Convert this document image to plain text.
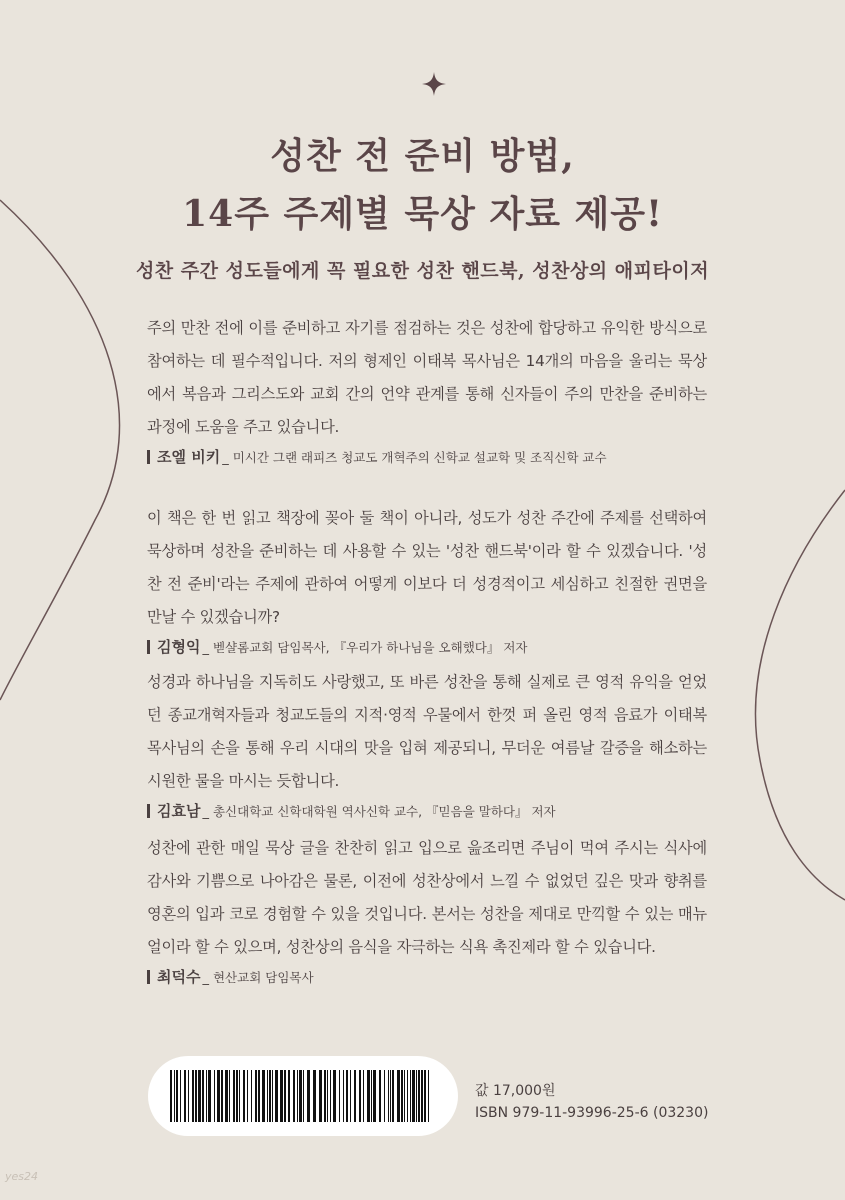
성찬 전 준비 방법,
14주 주제별 묵상 자료 제공!
성찬 주간 성도들에게 꼭 필요한 성찬 핸드북, 성찬상의 애피타이저

주의 만찬 전에 이를 준비하고 자기를 점검하는 것은 성찬에 합당하고 유익한 방식으로 참여하는 데 필수적입니다. 저의 형제인 이태복 목사님은 14개의 마음을 울리는 묵상에서 복음과 그리스도와 교회 간의 언약 관계를 통해 신자들이 주의 만찬을 준비하는 과정에 도움을 주고 있습니다.

조엘 비키 _ 미시간 그랜 래피즈 청교도 개혁주의 신학교 설교학 및 조직신학 교수

이 책은 한 번 읽고 책장에 꽂아 둘 책이 아니라, 성도가 성찬 주간에 주제를 선택하여 묵상하며 성찬을 준비하는 데 사용할 수 있는 '성찬 핸드북'이라 할 수 있겠습니다. '성찬 전 준비'라는 주제에 관하여 어떻게 이보다 더 성경적이고 세심하고 친절한 권면을 만날 수 있겠습니까?

김형익 _ 벧샬롬교회 담임목사, 『우리가 하나님을 오해했다』 저자

성경과 하나님을 지독히도 사랑했고, 또 바른 성찬을 통해 실제로 큰 영적 유익을 얻었던 종교개혁자들과 청교도들의 지적·영적 우물에서 한껏 퍼 올린 영적 음료가 이태복 목사님의 손을 통해 우리 시대의 맛을 입혀 제공되니, 무더운 여름날 갈증을 해소하는 시원한 물을 마시는 듯합니다.

김효남 _ 총신대학교 신학대학원 역사신학 교수, 『믿음을 말하다』 저자

성찬에 관한 매일 묵상 글을 찬찬히 읽고 입으로 읊조리면 주님이 먹여 주시는 식사에 감사와 기쁨으로 나아감은 물론, 이전에 성찬상에서 느낄 수 없었던 깊은 맛과 향취를 영혼의 입과 코로 경험할 수 있을 것입니다. 본서는 성찬을 제대로 만끽할 수 있는 매뉴얼이라 할 수 있으며, 성찬상의 음식을 자극하는 식욕 촉진제라 할 수 있습니다.

최덕수 _ 현산교회 담임목사
값 17,000원
ISBN 979-11-93996-25-6 (03230)
yes24
